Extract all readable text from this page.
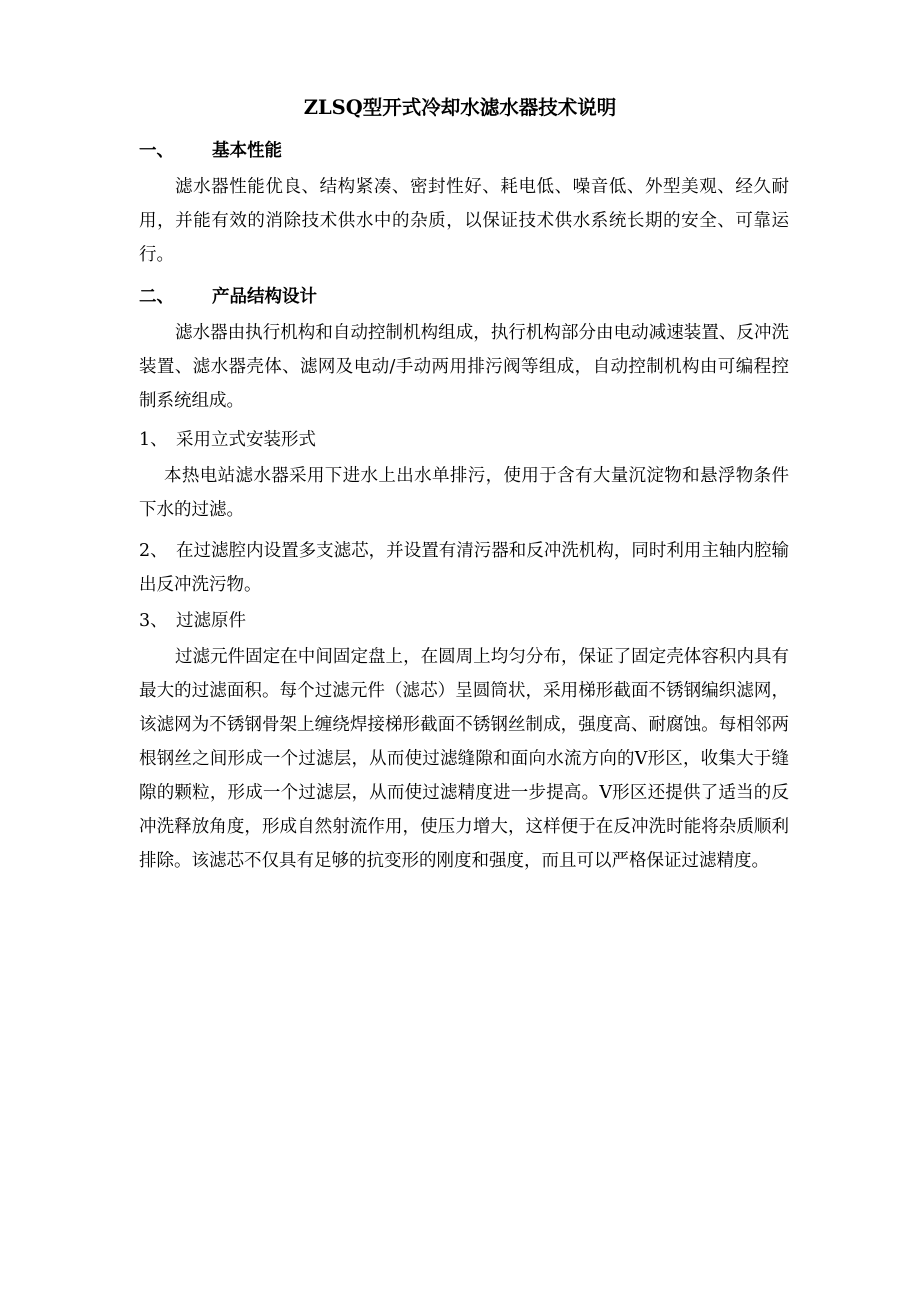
ZLSQ型开式冷却水滤水器技术说明
一、 基本性能
滤水器性能优良、结构紧凑、密封性好、耗电低、噪音低、外型美观、经久耐用，并能有效的消除技术供水中的杂质，以保证技术供水系统长期的安全、可靠运行。
二、 产品结构设计
滤水器由执行机构和自动控制机构组成，执行机构部分由电动减速装置、反冲洗装置、滤水器壳体、滤网及电动/手动两用排污阀等组成，自动控制机构由可编程控制系统组成。
1、 采用立式安装形式
本热电站滤水器采用下进水上出水单排污，使用于含有大量沉淀物和悬浮物条件下水的过滤。
2、 在过滤腔内设置多支滤芯，并设置有清污器和反冲洗机构，同时利用主轴内腔输出反冲洗污物。
3、 过滤原件
过滤元件固定在中间固定盘上，在圆周上均匀分布，保证了固定壳体容积内具有最大的过滤面积。每个过滤元件（滤芯）呈圆筒状，采用梯形截面不锈钢编织滤网，该滤网为不锈钢骨架上缠绕焊接梯形截面不锈钢丝制成，强度高、耐腐蚀。每相邻两根钢丝之间形成一个过滤层，从而使过滤缝隙和面向水流方向的V形区，收集大于缝隙的颗粒，形成一个过滤层，从而使过滤精度进一步提高。V形区还提供了适当的反冲洗释放角度，形成自然射流作用，使压力增大，这样便于在反冲洗时能将杂质顺利排除。该滤芯不仅具有足够的抗变形的刚度和强度，而且可以严格保证过滤精度。
